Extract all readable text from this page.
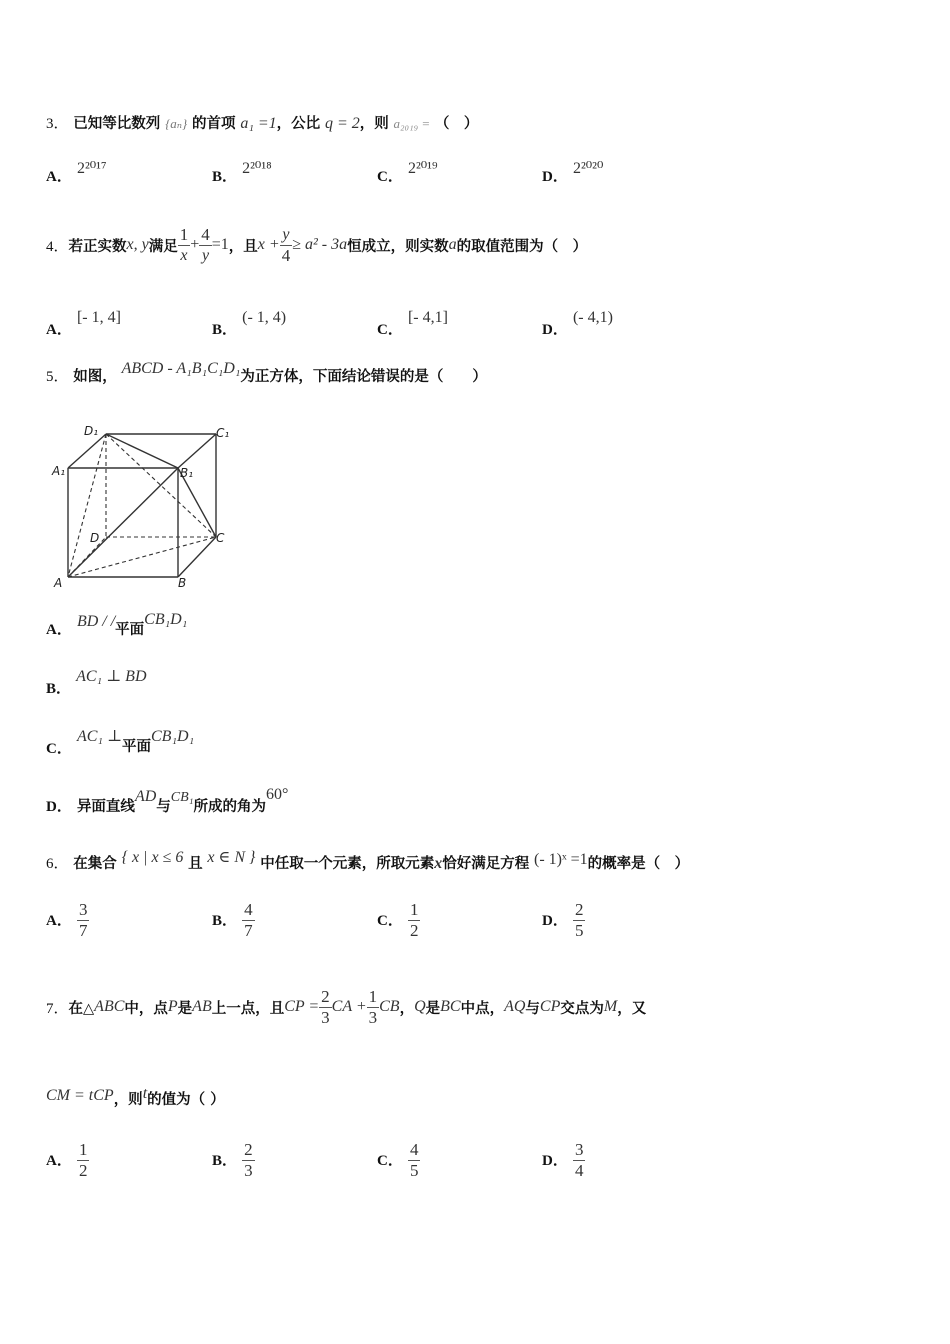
3． 已知等比数列 {aₙ} 的首项 a₁ =1，公比 q = 2，则 a₂₀₁₉ = （　）
A． 2²⁰¹⁷	B． 2²⁰¹⁸	C． 2²⁰¹⁹	D． 2²⁰²⁰
4． 若正实数 x, y 满足 $\frac{1}{x} + \frac{4}{y} =1$ ，且 $x + \frac{y}{4} \ge a^2 - 3a$ 恒成立，则实数 a 的取值范围为（　）
A． [- 1, 4]
B． (- 1, 4)
C． [- 4,1]
D． (- 4,1)
5． 如图， ABCD - A₁B₁C₁D₁为正方体，下面结论错误的是（　　）
D₁	C₁
A₁	B₁
D	C
A	B
A． BD / /平面CB₁D₁
B． AC₁ ⊥ BD
C． AC₁ ⊥平面CB₁D₁
D． 异面直线AD与CB₁所成的角为60°
6． 在集合 { x | x ≤ 6 且 x ∈ N } 中任取一个元素，所取元素x恰好满足方程 (- 1)ˣ =1的概率是（　）
A． $\frac{3}{7}$	B． $\frac{4}{7}$	C． $\frac{1}{2}$	D． $\frac{2}{5}$
7． 在△ ABC 中，点 P 是 AB 上一点，且 CP = $\frac{2}{3}$ CA + $\frac{1}{3}$ CB ， Q 是 BC 中点， AQ 与 CP 交点为 M ，又
CM = tCP，则t的值为（ ）
A． $\frac{1}{2}$	B． $\frac{2}{3}$	C． $\frac{4}{5}$	D． $\frac{3}{4}$
